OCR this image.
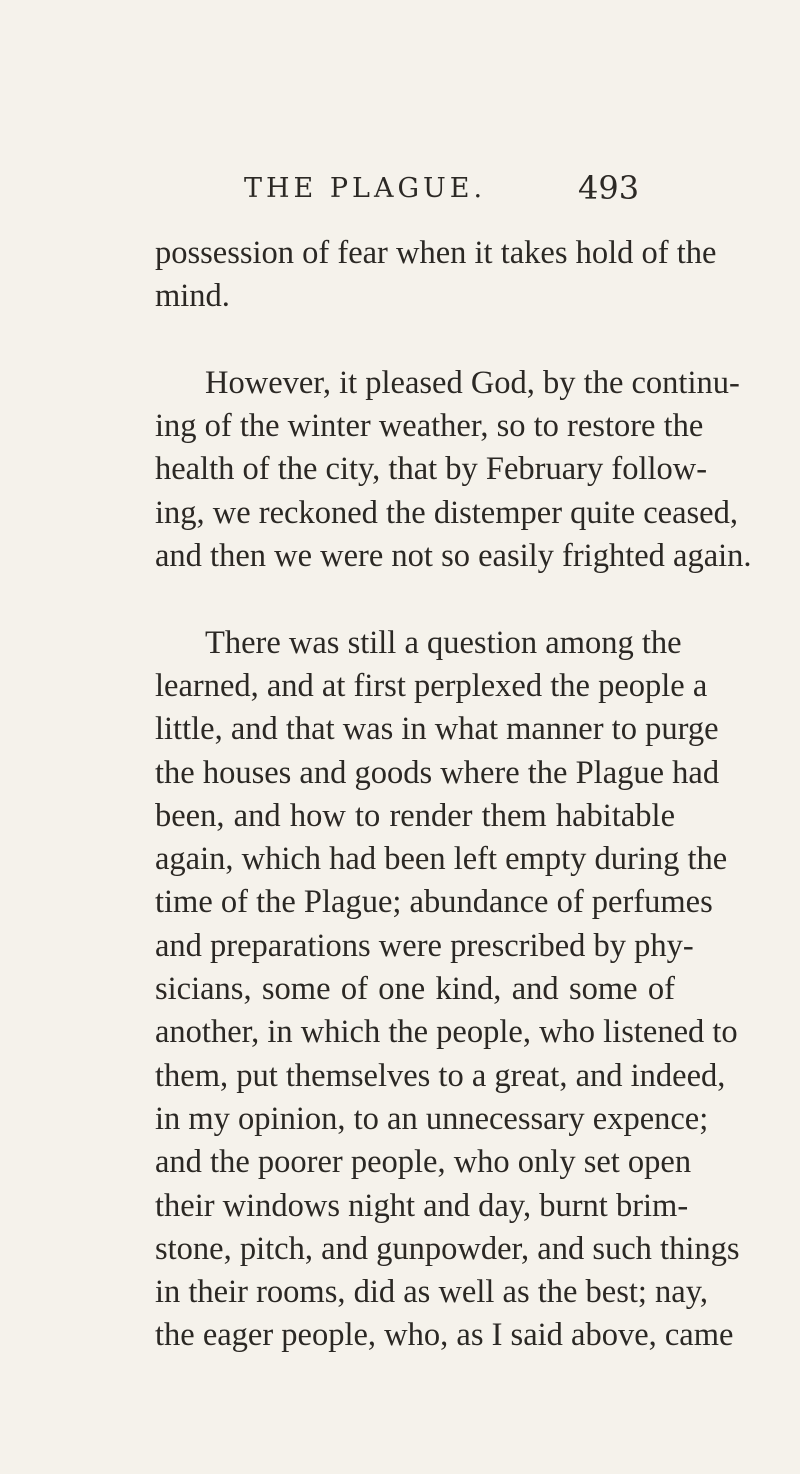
THE PLAGUE.	493

possession of fear when it takes hold of the
mind.

However, it pleased God, by the continu-
ing of the winter weather, so to restore the
health of the city, that by February follow-
ing, we reckoned the distemper quite ceased,
and then we were not so easily frighted again.

There was still a question among the
learned, and at first perplexed the people a
little, and that was in what manner to purge
the houses and goods where the Plague had
been, and how to render them habitable
again, which had been left empty during the
time of the Plague; abundance of perfumes
and preparations were prescribed by phy-
sicians, some of one kind, and some of
another, in which the people, who listened to
them, put themselves to a great, and indeed,
in my opinion, to an unnecessary expence;
and the poorer people, who only set open
their windows night and day, burnt brim-
stone, pitch, and gunpowder, and such things
in their rooms, did as well as the best; nay,
the eager people, who, as I said above, came
